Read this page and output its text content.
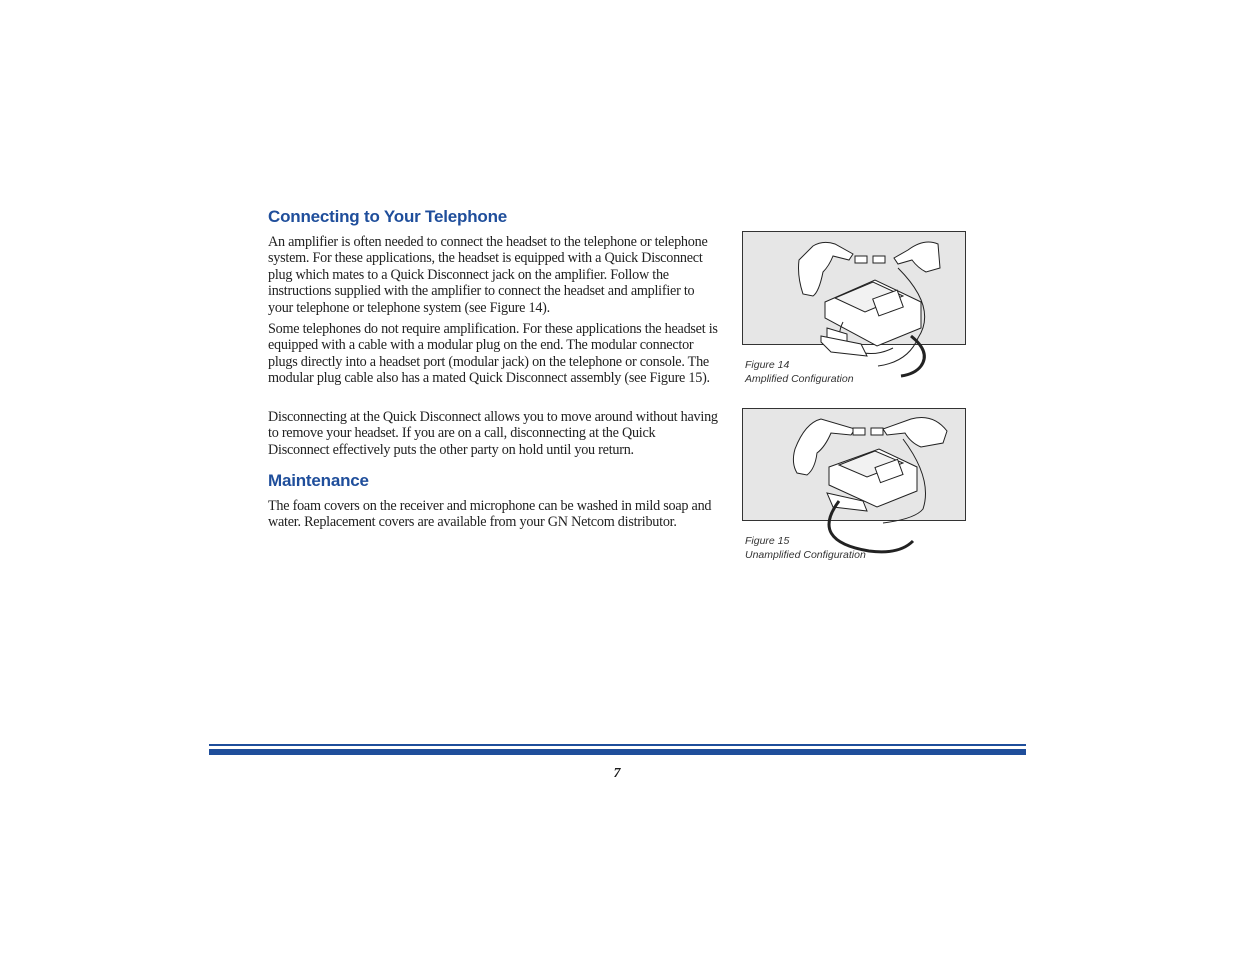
Connecting to Your Telephone

An amplifier is often needed to connect the headset to the telephone or telephone system. For these applications, the headset is equipped with a Quick Disconnect plug which mates to a Quick Disconnect jack on the amplifier. Follow the instructions supplied with the amplifier to connect the headset and amplifier to your telephone or telephone system (see Figure 14).

Some telephones do not require amplification. For these applications the headset is equipped with a cable with a modular plug on the end. The modular connector plugs directly into a headset port (modular jack) on the telephone or console. The modular plug cable also has a mated Quick Disconnect assembly (see Figure 15).

Disconnecting at the Quick Disconnect allows you to move around without having to remove your headset. If you are on a call, disconnecting at the Quick Disconnect effectively puts the other party on hold until you return.

Maintenance

The foam covers on the receiver and microphone can be washed in mild soap and water. Replacement covers are available from your GN Netcom distributor.

Figure 14
Amplified Configuration

Figure 15
Unamplified Configuration

7
